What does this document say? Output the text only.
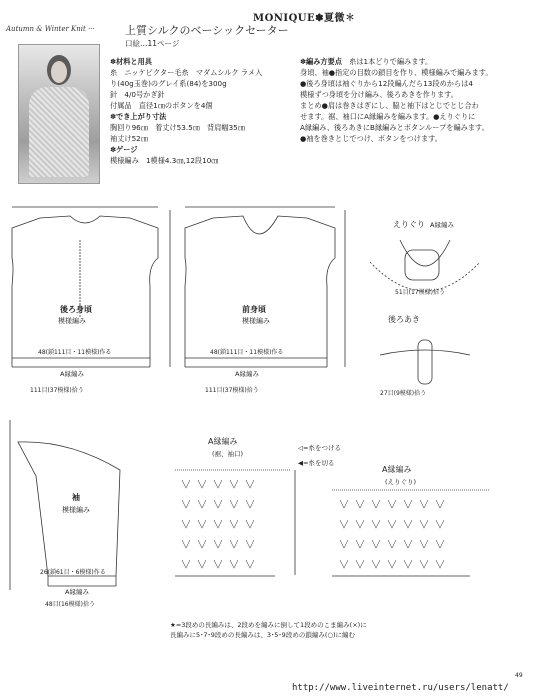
MONIQUE✽夏微✽
Autumn & Winter Knit ···	上質シルクのベーシックセーター
口絵…11ページ
✽材料と用具
糸　ニッケビクター毛糸　マダムシルク ラメ入
り(40g玉巻)のグレイ系(84)を300g
針　4/0号かぎ針
付属品　直径1㎝のボタンを4個
✽でき上がり寸法
胸回り96㎝　着丈け53.5㎝　背肩幅35㎝
袖丈け52㎝
✽ゲージ
模様編み　1模様4.3㎝,12段10㎝
✽編み方要点　 糸は1本どりで編みます。
身頃、袖●指定の目数の鎖目を作り、模様編みで編みます。
●後ろ身頃は袖ぐりから12段編んだら13段めからは4
模様ずつ身頃を分け編み、後ろあきを作ります。
まとめ●肩は巻きはぎにし、脇と袖下はとじでとじ合わ
せます。裾、袖口にA縁編みを編みます。●えりぐりに
A縁編み、後ろあきにB縁編みとボタンループを編みます。
●袖を巻きとじでつけ、ボタンをつけます。
後ろ身頃
模様編み
前身頃
模様編み
袖
模様編み
A縁編み	A縁編み
A縁編み
48(鎖111目・11模様)作る	48(鎖111目・11模様)作る
111目(37模様)拾う	111目(37模様)拾う
26(鎖61目・6模様)作る
48目(16模様)拾う
えりぐり A縁編み
51目(17模様)拾う
後ろあき
27目(9模様)拾う
A縁編み
(裾、袖口)
◁=糸をつける
◀=糸を切る
A縁編み
(えりぐり)
★=3段めの長編みは、2段めを編みに倒して1段めのこま編み(×)に
長編みに5･7･9段めの長編みは、3･5･9段めの鎖編み(○)に編む
49
http://www.liveinternet.ru/users/lenatt/
